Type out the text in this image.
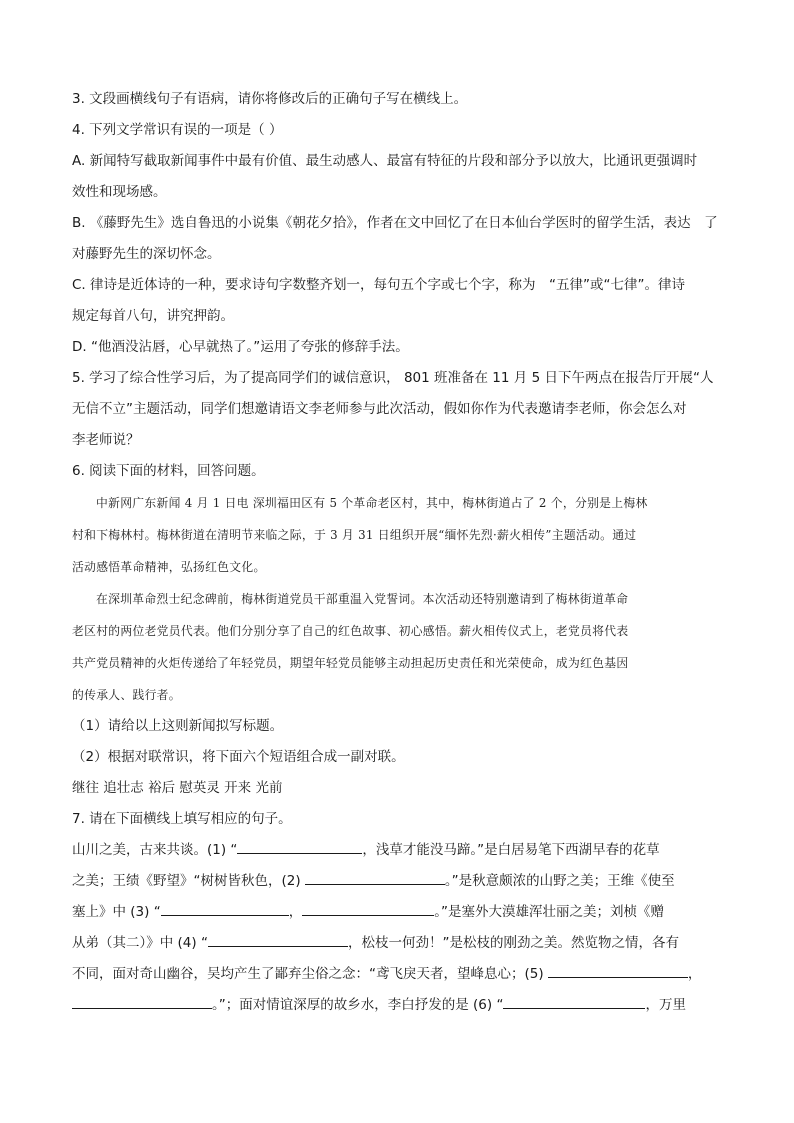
3. 文段画横线句子有语病，请你将修改后的正确句子写在横线上。

4. 下列文学常识有误的一项是（ ）

A. 新闻特写截取新闻事件中最有价值、最生动感人、最富有特征的片段和部分予以放大，比通讯更强调时

效性和现场感。

B. 《藤野先生》选自鲁迅的小说集《朝花夕拾》，作者在文中回忆了在日本仙台学医时的留学生活，表达　了

对藤野先生的深切怀念。

C. 律诗是近体诗的一种，要求诗句字数整齐划一，每句五个字或七个字，称为　“五律”或“七律”。律诗

规定每首八句，讲究押韵。

D. “他酒没沾唇，心早就热了。”运用了夸张的修辞手法。

5. 学习了综合性学习后，为了提高同学们的诚信意识， 801 班准备在 11 月 5 日下午两点在报告厅开展“人

无信不立”主题活动，同学们想邀请语文李老师参与此次活动，假如你作为代表邀请李老师，你会怎么对

李老师说？

6. 阅读下面的材料，回答问题。

中新网广东新闻 4 月 1 日电 深圳福田区有 5 个革命老区村，其中，梅林街道占了 2 个，分别是上梅林

村和下梅林村。梅林街道在清明节来临之际，于 3 月 31 日组织开展“缅怀先烈·薪火相传”主题活动。通过

活动感悟革命精神，弘扬红色文化。

在深圳革命烈士纪念碑前，梅林街道党员干部重温入党誓词。本次活动还特别邀请到了梅林街道革命

老区村的两位老党员代表。他们分别分享了自己的红色故事、初心感悟。薪火相传仪式上，老党员将代表

共产党员精神的火炬传递给了年轻党员，期望年轻党员能够主动担起历史责任和光荣使命，成为红色基因

的传承人、践行者。

（1）请给以上这则新闻拟写标题。

（2）根据对联常识，将下面六个短语组合成一副对联。

继往 追壮志 裕后 慰英灵 开来 光前

7. 请在下面横线上填写相应的句子。

山川之美，古来共谈。(1) “	，浅草才能没马蹄。”是白居易笔下西湖早春的花草

之美；王绩《野望》“树树皆秋色，(2)	。”是秋意颇浓的山野之美；王维《使至

塞上》中 (3) “	，	。”是塞外大漠雄浑壮丽之美；刘桢《赠

从弟（其二）》中 (4) “	，松枝一何劲！”是松枝的刚劲之美。然览物之情，各有

不同，面对奇山幽谷，吴均产生了鄙弃尘俗之念：“鸢飞戾天者，望峰息心；(5)	，

。”；面对情谊深厚的故乡水，李白抒发的是 (6) “	，万里
